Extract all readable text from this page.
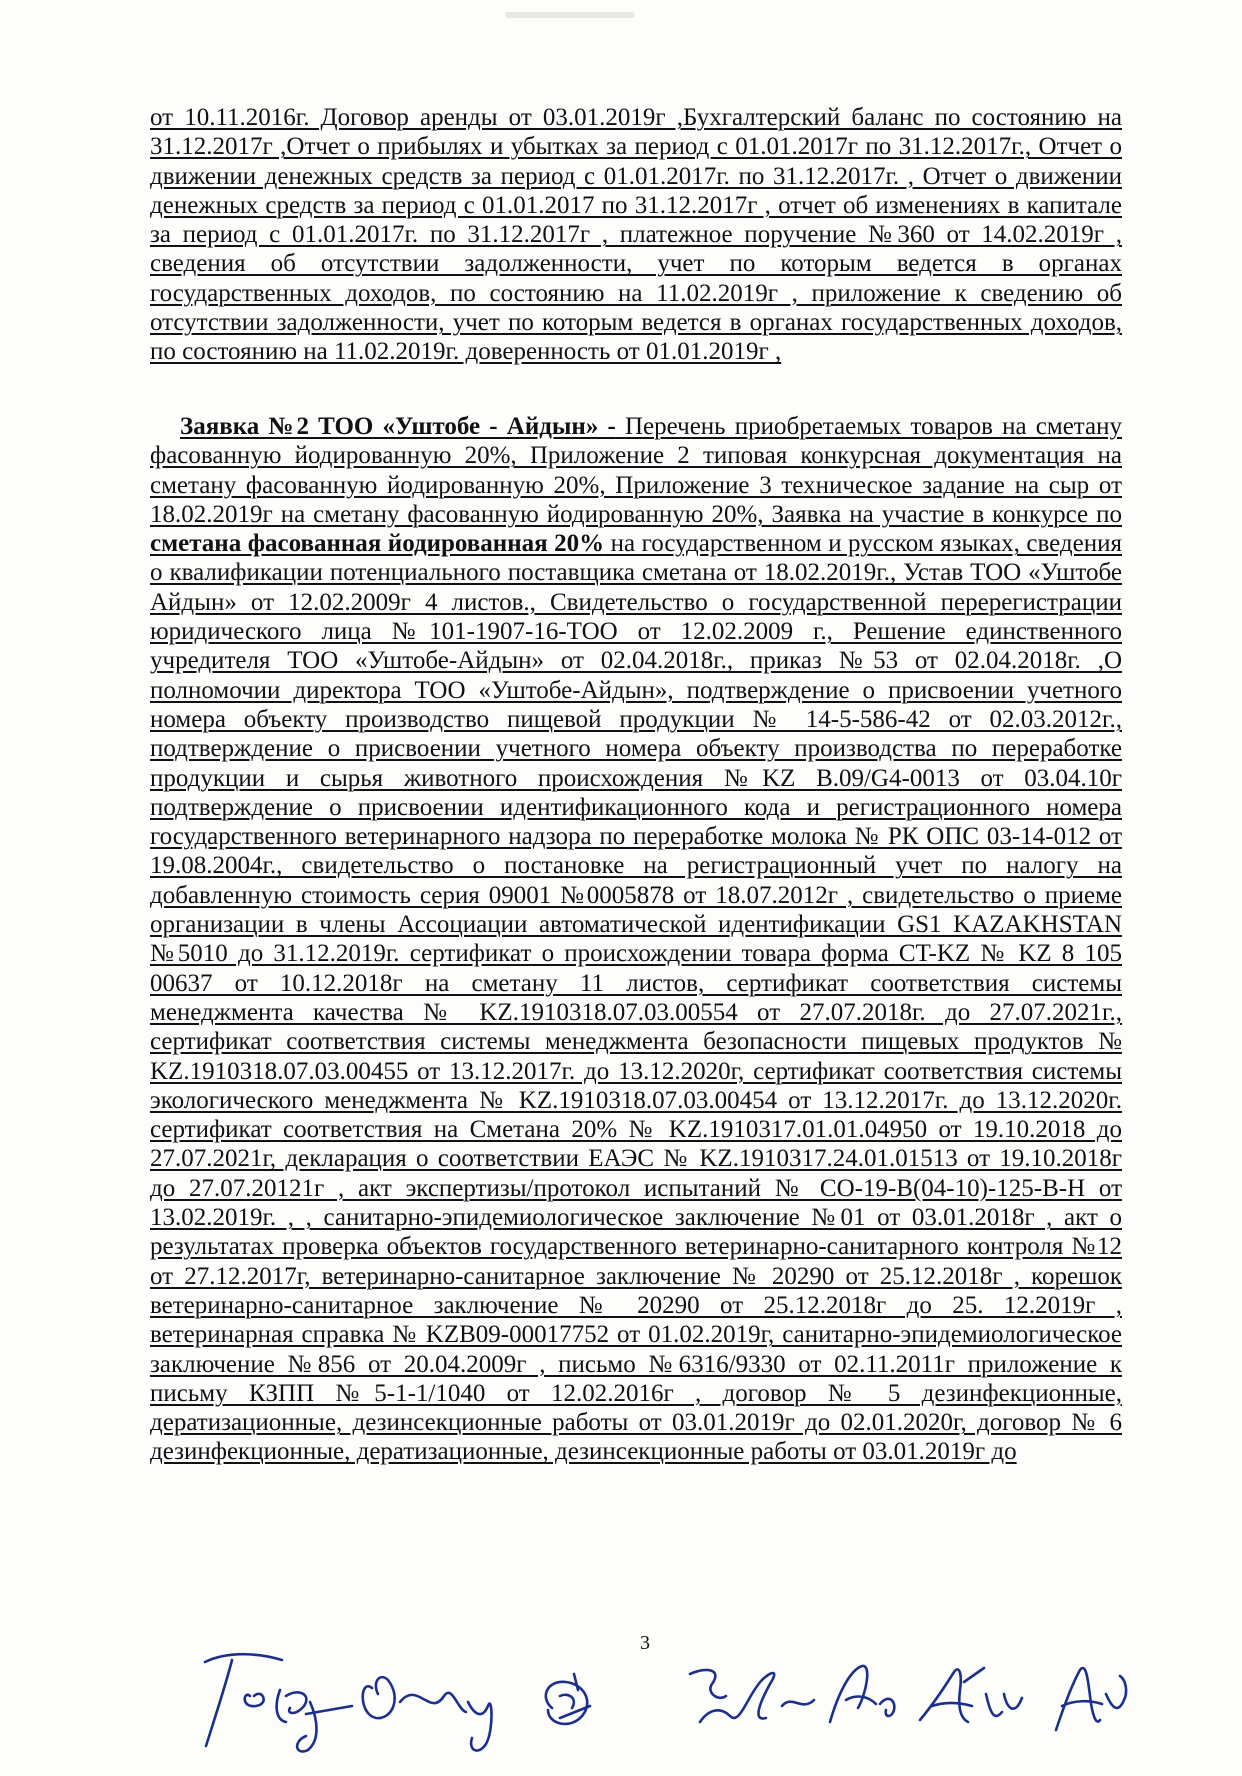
от 10.11.2016г. Договор аренды от 03.01.2019г ,Бухгалтерский баланс по состоянию на 31.12.2017г ,Отчет о прибылях и убытках за период с 01.01.2017г по 31.12.2017г., Отчет о движении денежных средств за период с 01.01.2017г. по 31.12.2017г. , Отчет о движении денежных средств за период с 01.01.2017 по 31.12.2017г , отчет об изменениях в капитале за период с 01.01.2017г. по 31.12.2017г , платежное поручение №360 от 14.02.2019г , сведения об отсутствии задолженности, учет по которым ведется в органах государственных доходов, по состоянию на 11.02.2019г , приложение к сведению об отсутствии задолженности, учет по которым ведется в органах государственных доходов, по состоянию на 11.02.2019г. доверенность от 01.01.2019г ,

Заявка №2 ТОО «Уштобе - Айдын» - Перечень приобретаемых товаров на сметану фасованную йодированную 20%, Приложение 2 типовая конкурсная документация на сметану фасованную йодированную 20%, Приложение 3 техническое задание на сыр от 18.02.2019г на сметану фасованную йодированную 20%, Заявка на участие в конкурсе по сметана фасованная йодированная 20% на государственном и русском языках, сведения о квалификации потенциального поставщика сметана от 18.02.2019г., Устав ТОО «Уштобе Айдын» от 12.02.2009г 4 листов., Свидетельство о государственной перерегистрации юридического лица №101-1907-16-ТОО от 12.02.2009 г., Решение единственного учредителя ТОО «Уштобе-Айдын» от 02.04.2018г., приказ №53 от 02.04.2018г. ,О полномочии директора ТОО «Уштобе-Айдын», подтверждение о присвоении учетного номера объекту производство пищевой продукции № 14-5-586-42 от 02.03.2012г., подтверждение о присвоении учетного номера объекту производства по переработке продукции и сырья животного происхождения №KZ В.09/G4-0013 от 03.04.10г подтверждение о присвоении идентификационного кода и регистрационного номера государственного ветеринарного надзора по переработке молока № РК ОПС 03-14-012 от 19.08.2004г., свидетельство о постановке на регистрационный учет по налогу на добавленную стоимость серия 09001 №0005878 от 18.07.2012г , свидетельство о приеме организации в члены Ассоциации автоматической идентификации GS1 KAZAKHSTAN №5010 до 31.12.2019г. сертификат о происхождении товара форма CT-KZ № KZ 8 105 00637 от 10.12.2018г на сметану 11 листов, сертификат соответствия системы менеджмента качества № KZ.1910318.07.03.00554 от 27.07.2018г. до 27.07.2021г., сертификат соответствия системы менеджмента безопасности пищевых продуктов № KZ.1910318.07.03.00455 от 13.12.2017г. до 13.12.2020г, сертификат соответствия системы экологического менеджмента № KZ.1910318.07.03.00454 от 13.12.2017г. до 13.12.2020г. сертификат соответствия на Сметана 20% № KZ.1910317.01.01.04950 от 19.10.2018 до 27.07.2021г, декларация о соответствии ЕАЭС № KZ.1910317.24.01.01513 от 19.10.2018г до 27.07.20121г , акт экспертизы/протокол испытаний № CO-19-B(04-10)-125-В-Н от 13.02.2019г. , , санитарно-эпидемиологическое заключение №01 от 03.01.2018г , акт о результатах проверка объектов государственного ветеринарно-санитарного контроля №12 от 27.12.2017г, ветеринарно-санитарное заключение № 20290 от 25.12.2018г , корешок ветеринарно-санитарное заключение № 20290 от 25.12.2018г до 25. 12.2019г , ветеринарная справка № KZB09-00017752 от 01.02.2019г, санитарно-эпидемиологическое заключение №856 от 20.04.2009г , письмо №6316/9330 от 02.11.2011г приложение к письму КЗПП №5-1-1/1040 от 12.02.2016г , договор № 5 дезинфекционные, дератизационные, дезинсекционные работы от 03.01.2019г до 02.01.2020г, договор № 6 дезинфекционные, дератизационные, дезинсекционные работы от 03.01.2019г до

3
